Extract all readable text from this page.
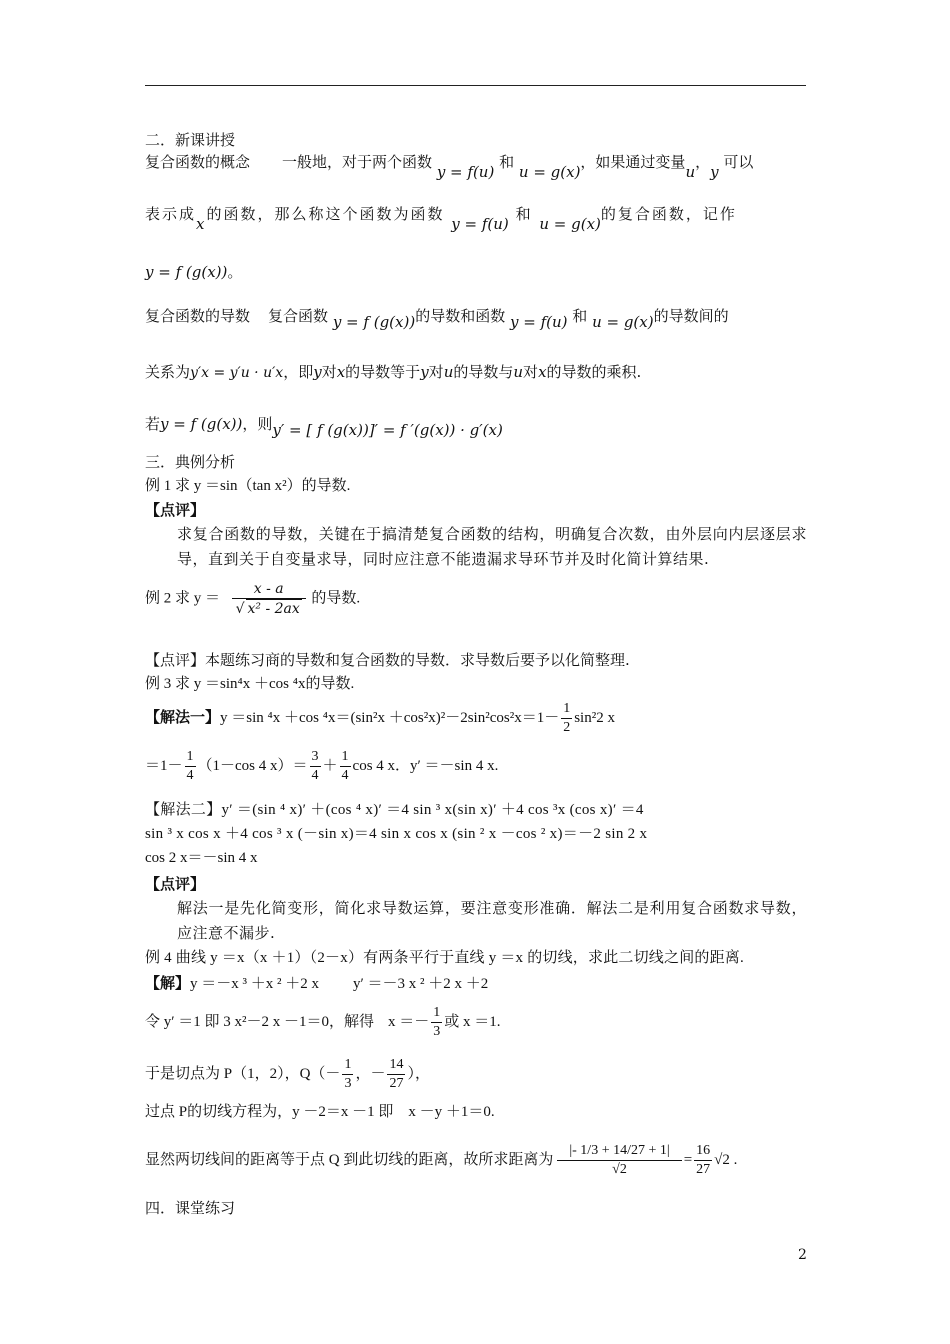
二．新课讲授
复合函数的概念 一般地，对于两个函数 y = f(u) 和 u = g(x)，如果通过变量u，y 可以
表示成x的函数，那么称这个函数为函数 y = f(u) 和 u = g(x)的复合函数，记作
y = f (g(x))。
复合函数的导数 复合函数 y = f (g(x))的导数和函数 y = f(u) 和 u = g(x)的导数间的
关系为y′x = y′u · u′x，即y对x的导数等于y对u的导数与u对x的导数的乘积.
若y = f (g(x))，则y′ = [ f (g(x))]′ = f ′(g(x)) · g′(x)
三．典例分析
例 1 求 y ＝sin（tan x²）的导数.
【点评】
求复合函数的导数，关键在于搞清楚复合函数的结构，明确复合次数，由外层向内层逐层求导，直到关于自变量求导，同时应注意不能遗漏求导环节并及时化简计算结果.
例 2 求 $y = \frac{x - a}{\text{√ x² - 2ax}}$ 的导数.
【点评】本题练习商的导数和复合函数的导数．求导数后要予以化简整理.
例 3 求 y ＝sin⁴x ＋cos ⁴x的导数.
【解法一】y ＝sin ⁴x ＋cos $^4x=(\sin^2x +\cos^2x)^2-2\sin^2\cos^2x=1- \frac{1}{2} \sin^22$ x
$=1- \frac{1}{4} (1-\cos$ 4 $x)= \frac{3}{4} + \frac{1}{4}$ cos 4 x．y′ ＝－sin 4 x.
【解法二】y′ ＝(sin ⁴ x)′ ＋(cos ⁴ x)′ ＝4 sin ³ x(sin x)′ ＋4 cos ³x (cos x)′ ＝4
sin ³ x cos x ＋4 cos ³ x (－sin x)＝4 sin x cos x (sin ² x －cos ² x)＝－2 sin 2 x
cos 2 x＝－sin 4 x
【点评】
解法一是先化简变形，简化求导数运算，要注意变形准确．解法二是利用复合函数求导数，应注意不漏步.
例 4 曲线 y ＝x（x ＋1）（2－x）有两条平行于直线 y ＝x 的切线，求此二切线之间的距离.
【解】y ＝－x ³ ＋x ² ＋2 x y′ ＝－3 x ² ＋2 x ＋2
令 y′ ＝1 即 3 x²－2 x －1＝0，解得 $x =- \frac{1}{3}$ 或 x ＝1.
于是切点为 P（1，2），$Q(- \frac{1}{3}$ ，－ $\frac{14}{27}$ ），
过点 P的切线方程为，y －2＝x －1 即　x －y ＋1＝0.
显然两切线间的距离等于点 Q 到此切线的距离，故所求距离为 $\frac{|- 1/3 + 14/27 + 1|}{√2} = \frac{16}{27} √2$ .
四．课堂练习
2
